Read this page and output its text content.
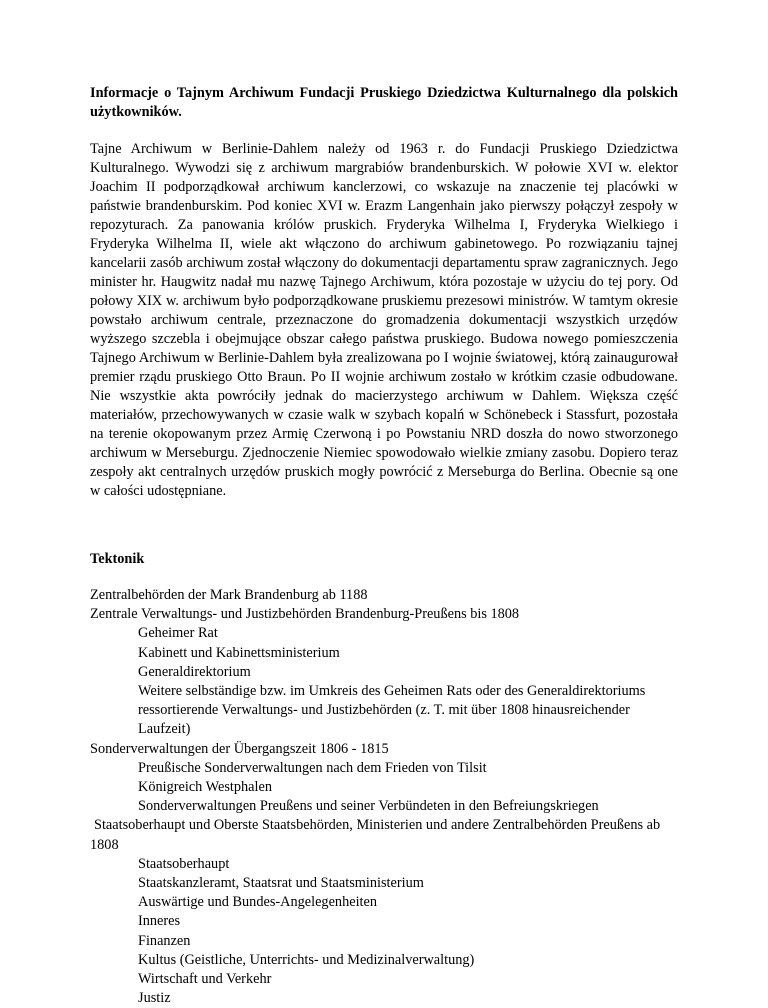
Informacje o Tajnym Archiwum Fundacji Pruskiego Dziedzictwa Kulturnalnego dla polskich użytkowników.

Tajne Archiwum w Berlinie-Dahlem należy od 1963 r. do Fundacji Pruskiego Dziedzictwa Kulturalnego. Wywodzi się z archiwum margrabiów brandenburskich. W połowie XVI w. elektor Joachim II podporządkował archiwum kanclerzowi, co wskazuje na znaczenie tej placówki w państwie brandenburskim. Pod koniec XVI w. Erazm Langenhain jako pierwszy połączył zespoły w repozyturach. Za panowania królów pruskich. Fryderyka Wilhelma I, Fryderyka Wielkiego i Fryderyka Wilhelma II, wiele akt włączono do archiwum gabinetowego. Po rozwiązaniu tajnej kancelarii zasób archiwum został włączony do dokumentacji departamentu spraw zagranicznych. Jego minister hr. Haugwitz nadał mu nazwę Tajnego Archiwum, która pozostaje w użyciu do tej pory. Od połowy XIX w. archiwum było podporządkowane pruskiemu prezesowi ministrów. W tamtym okresie powstało archiwum centrale, przeznaczone do gromadzenia dokumentacji wszystkich urzędów wyższego szczebla i obejmujące obszar całego państwa pruskiego. Budowa nowego pomieszczenia Tajnego Archiwum w Berlinie-Dahlem była zrealizowana po I wojnie światowej, którą zainaugurował premier rządu pruskiego Otto Braun. Po II wojnie archiwum zostało w krótkim czasie odbudowane. Nie wszystkie akta powróciły jednak do macierzystego archiwum w Dahlem. Większa część materiałów, przechowywanych w czasie walk w szybach kopalń w Schönebeck i Stassfurt, pozostała na terenie okopowanym przez Armię Czerwoną i po Powstaniu NRD doszła do nowo stworzonego archiwum w Merseburgu. Zjednoczenie Niemiec spowodowało wielkie zmiany zasobu. Dopiero teraz zespoły akt centralnych urzędów pruskich mogły powrócić z Merseburga do Berlina. Obecnie są one w całości udostępniane.

Tektonik

Zentralbehörden der Mark Brandenburg ab 1188
Zentrale Verwaltungs- und Justizbehörden Brandenburg-Preußens bis 1808
Geheimer Rat
Kabinett und Kabinettsministerium
Generaldirektorium
Weitere selbständige bzw. im Umkreis des Geheimen Rats oder des Generaldirektoriums ressortierende Verwaltungs- und Justizbehörden (z. T. mit über 1808 hinausreichender Laufzeit)
Sonderverwaltungen der Übergangszeit 1806 - 1815
Preußische Sonderverwaltungen nach dem Frieden von Tilsit
Königreich Westphalen
Sonderverwaltungen Preußens und seiner Verbündeten in den Befreiungskriegen
Staatsoberhaupt und Oberste Staatsbehörden, Ministerien und andere Zentralbehörden Preußens ab 1808
Staatsoberhaupt
Staatskanzleramt, Staatsrat und Staatsministerium
Auswärtige und Bundes-Angelegenheiten
Inneres
Finanzen
Kultus (Geistliche, Unterrichts- und Medizinalverwaltung)
Wirtschaft und Verkehr
Justiz
